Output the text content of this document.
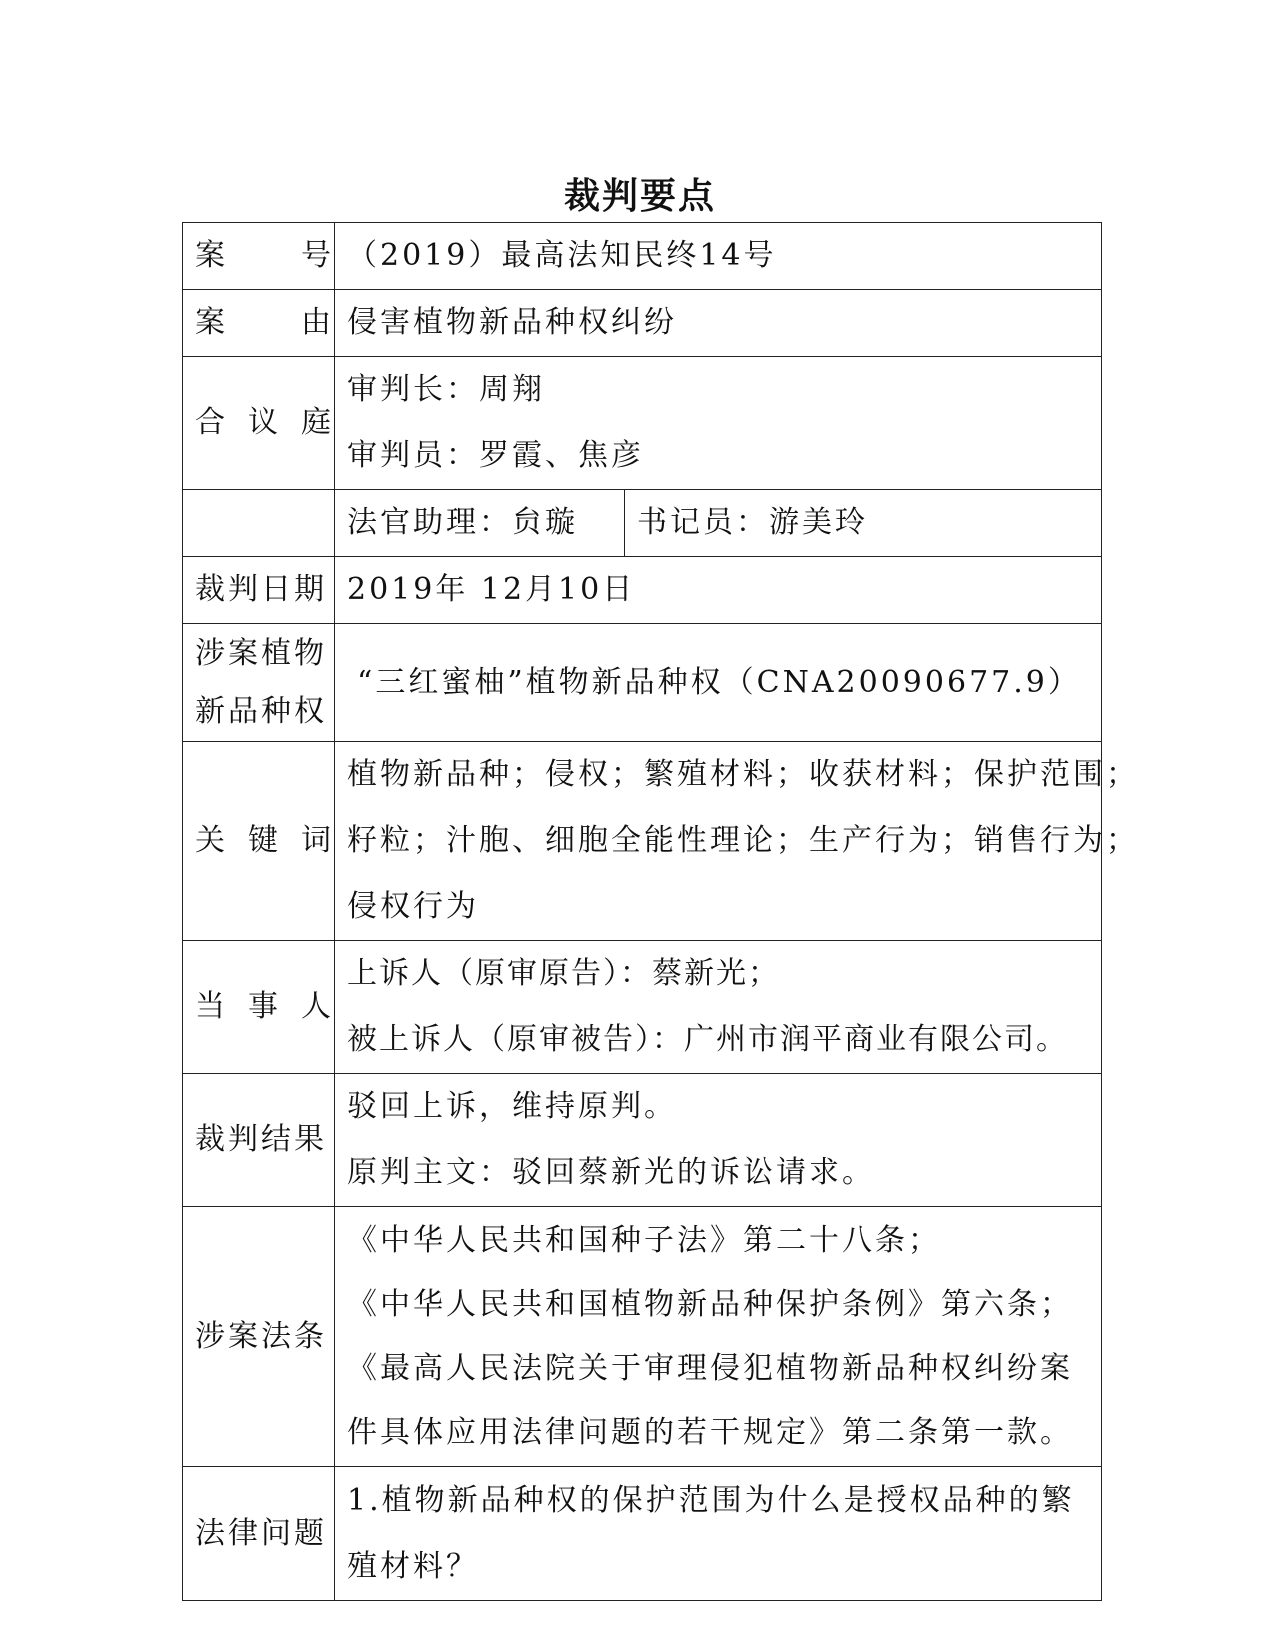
裁判要点
案号	（2019）最高法知民终14号	
案由	侵害植物新品种权纠纷	
合议庭	审判长：周翔
审判员：罗霞、焦彦	

	法官助理：贠璇	书记员：游美玲
裁判日期	2019年 12月10日	

涉案植物
新品种权	“三红蜜柚”植物新品种权（CNA20090677.9）	
关键词	植物新品种；侵权；繁殖材料；收获材料；保护范围；
籽粒；汁胞、细胞全能性理论；生产行为；销售行为；
侵权行为	

当事人	上诉人（原审原告）：蔡新光；
被上诉人（原审被告）：广州市润平商业有限公司。	

裁判结果	驳回上诉，维持原判。
原判主文：驳回蔡新光的诉讼请求。	

涉案法条	《中华人民共和国种子法》第二十八条；
《中华人民共和国植物新品种保护条例》第六条；
《最高人民法院关于审理侵犯植物新品种权纠纷案
件具体应用法律问题的若干规定》第二条第一款。	

法律问题	1.植物新品种权的保护范围为什么是授权品种的繁
殖材料？	
